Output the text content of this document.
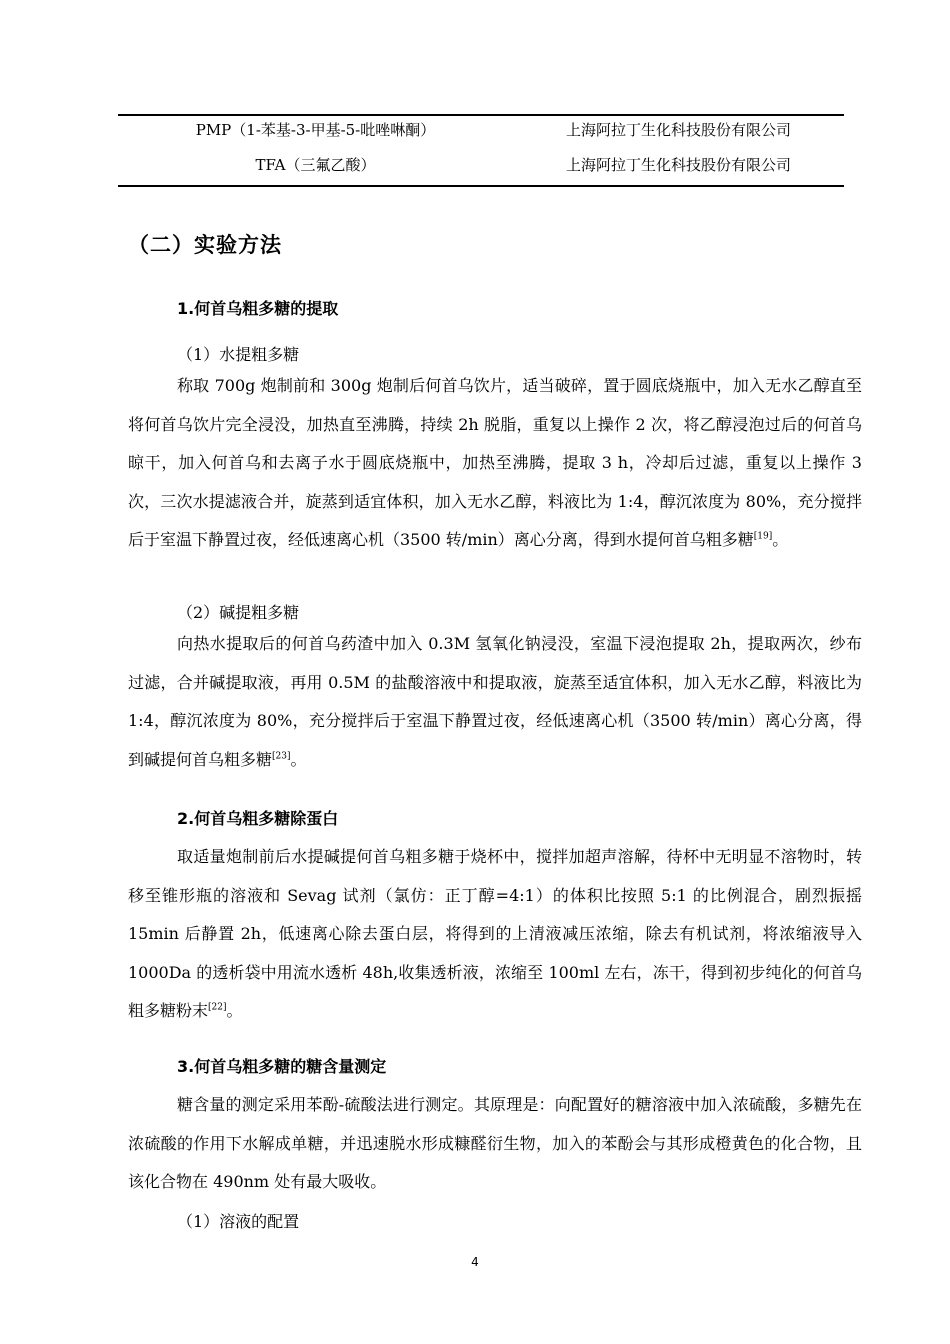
PMP（1-苯基-3-甲基-5-吡唑啉酮）	上海阿拉丁生化科技股份有限公司
TFA（三氟乙酸）	上海阿拉丁生化科技股份有限公司
（二）实验方法
1.何首乌粗多糖的提取
（1）水提粗多糖

称取 700g 炮制前和 300g 炮制后何首乌饮片，适当破碎，置于圆底烧瓶中，加入无水乙醇直至将何首乌饮片完全浸没，加热直至沸腾，持续 2h 脱脂，重复以上操作 2 次，将乙醇浸泡过后的何首乌晾干，加入何首乌和去离子水于圆底烧瓶中，加热至沸腾，提取 3 h，冷却后过滤，重复以上操作 3 次，三次水提滤液合并，旋蒸到适宜体积，加入无水乙醇，料液比为 1:4，醇沉浓度为 80%，充分搅拌后于室温下静置过夜，经低速离心机（3500 转/min）离心分离，得到水提何首乌粗多糖[19]。

（2）碱提粗多糖

向热水提取后的何首乌药渣中加入 0.3M 氢氧化钠浸没，室温下浸泡提取 2h，提取两次，纱布过滤，合并碱提取液，再用 0.5M 的盐酸溶液中和提取液，旋蒸至适宜体积，加入无水乙醇，料液比为 1:4，醇沉浓度为 80%，充分搅拌后于室温下静置过夜，经低速离心机（3500 转/min）离心分离，得到碱提何首乌粗多糖[23]。

2.何首乌粗多糖除蛋白

取适量炮制前后水提碱提何首乌粗多糖于烧杯中，搅拌加超声溶解，待杯中无明显不溶物时，转移至锥形瓶的溶液和 Sevag 试剂（氯仿：正丁醇=4:1）的体积比按照 5:1 的比例混合，剧烈振摇 15min 后静置 2h，低速离心除去蛋白层，将得到的上清液减压浓缩，除去有机试剂，将浓缩液导入 1000Da 的透析袋中用流水透析 48h,收集透析液，浓缩至 100ml 左右，冻干，得到初步纯化的何首乌粗多糖粉末[22]。

3.何首乌粗多糖的糖含量测定

糖含量的测定采用苯酚-硫酸法进行测定。其原理是：向配置好的糖溶液中加入浓硫酸，多糖先在浓硫酸的作用下水解成单糖，并迅速脱水形成糠醛衍生物，加入的苯酚会与其形成橙黄色的化合物，且该化合物在 490nm 处有最大吸收。

（1）溶液的配置
4
